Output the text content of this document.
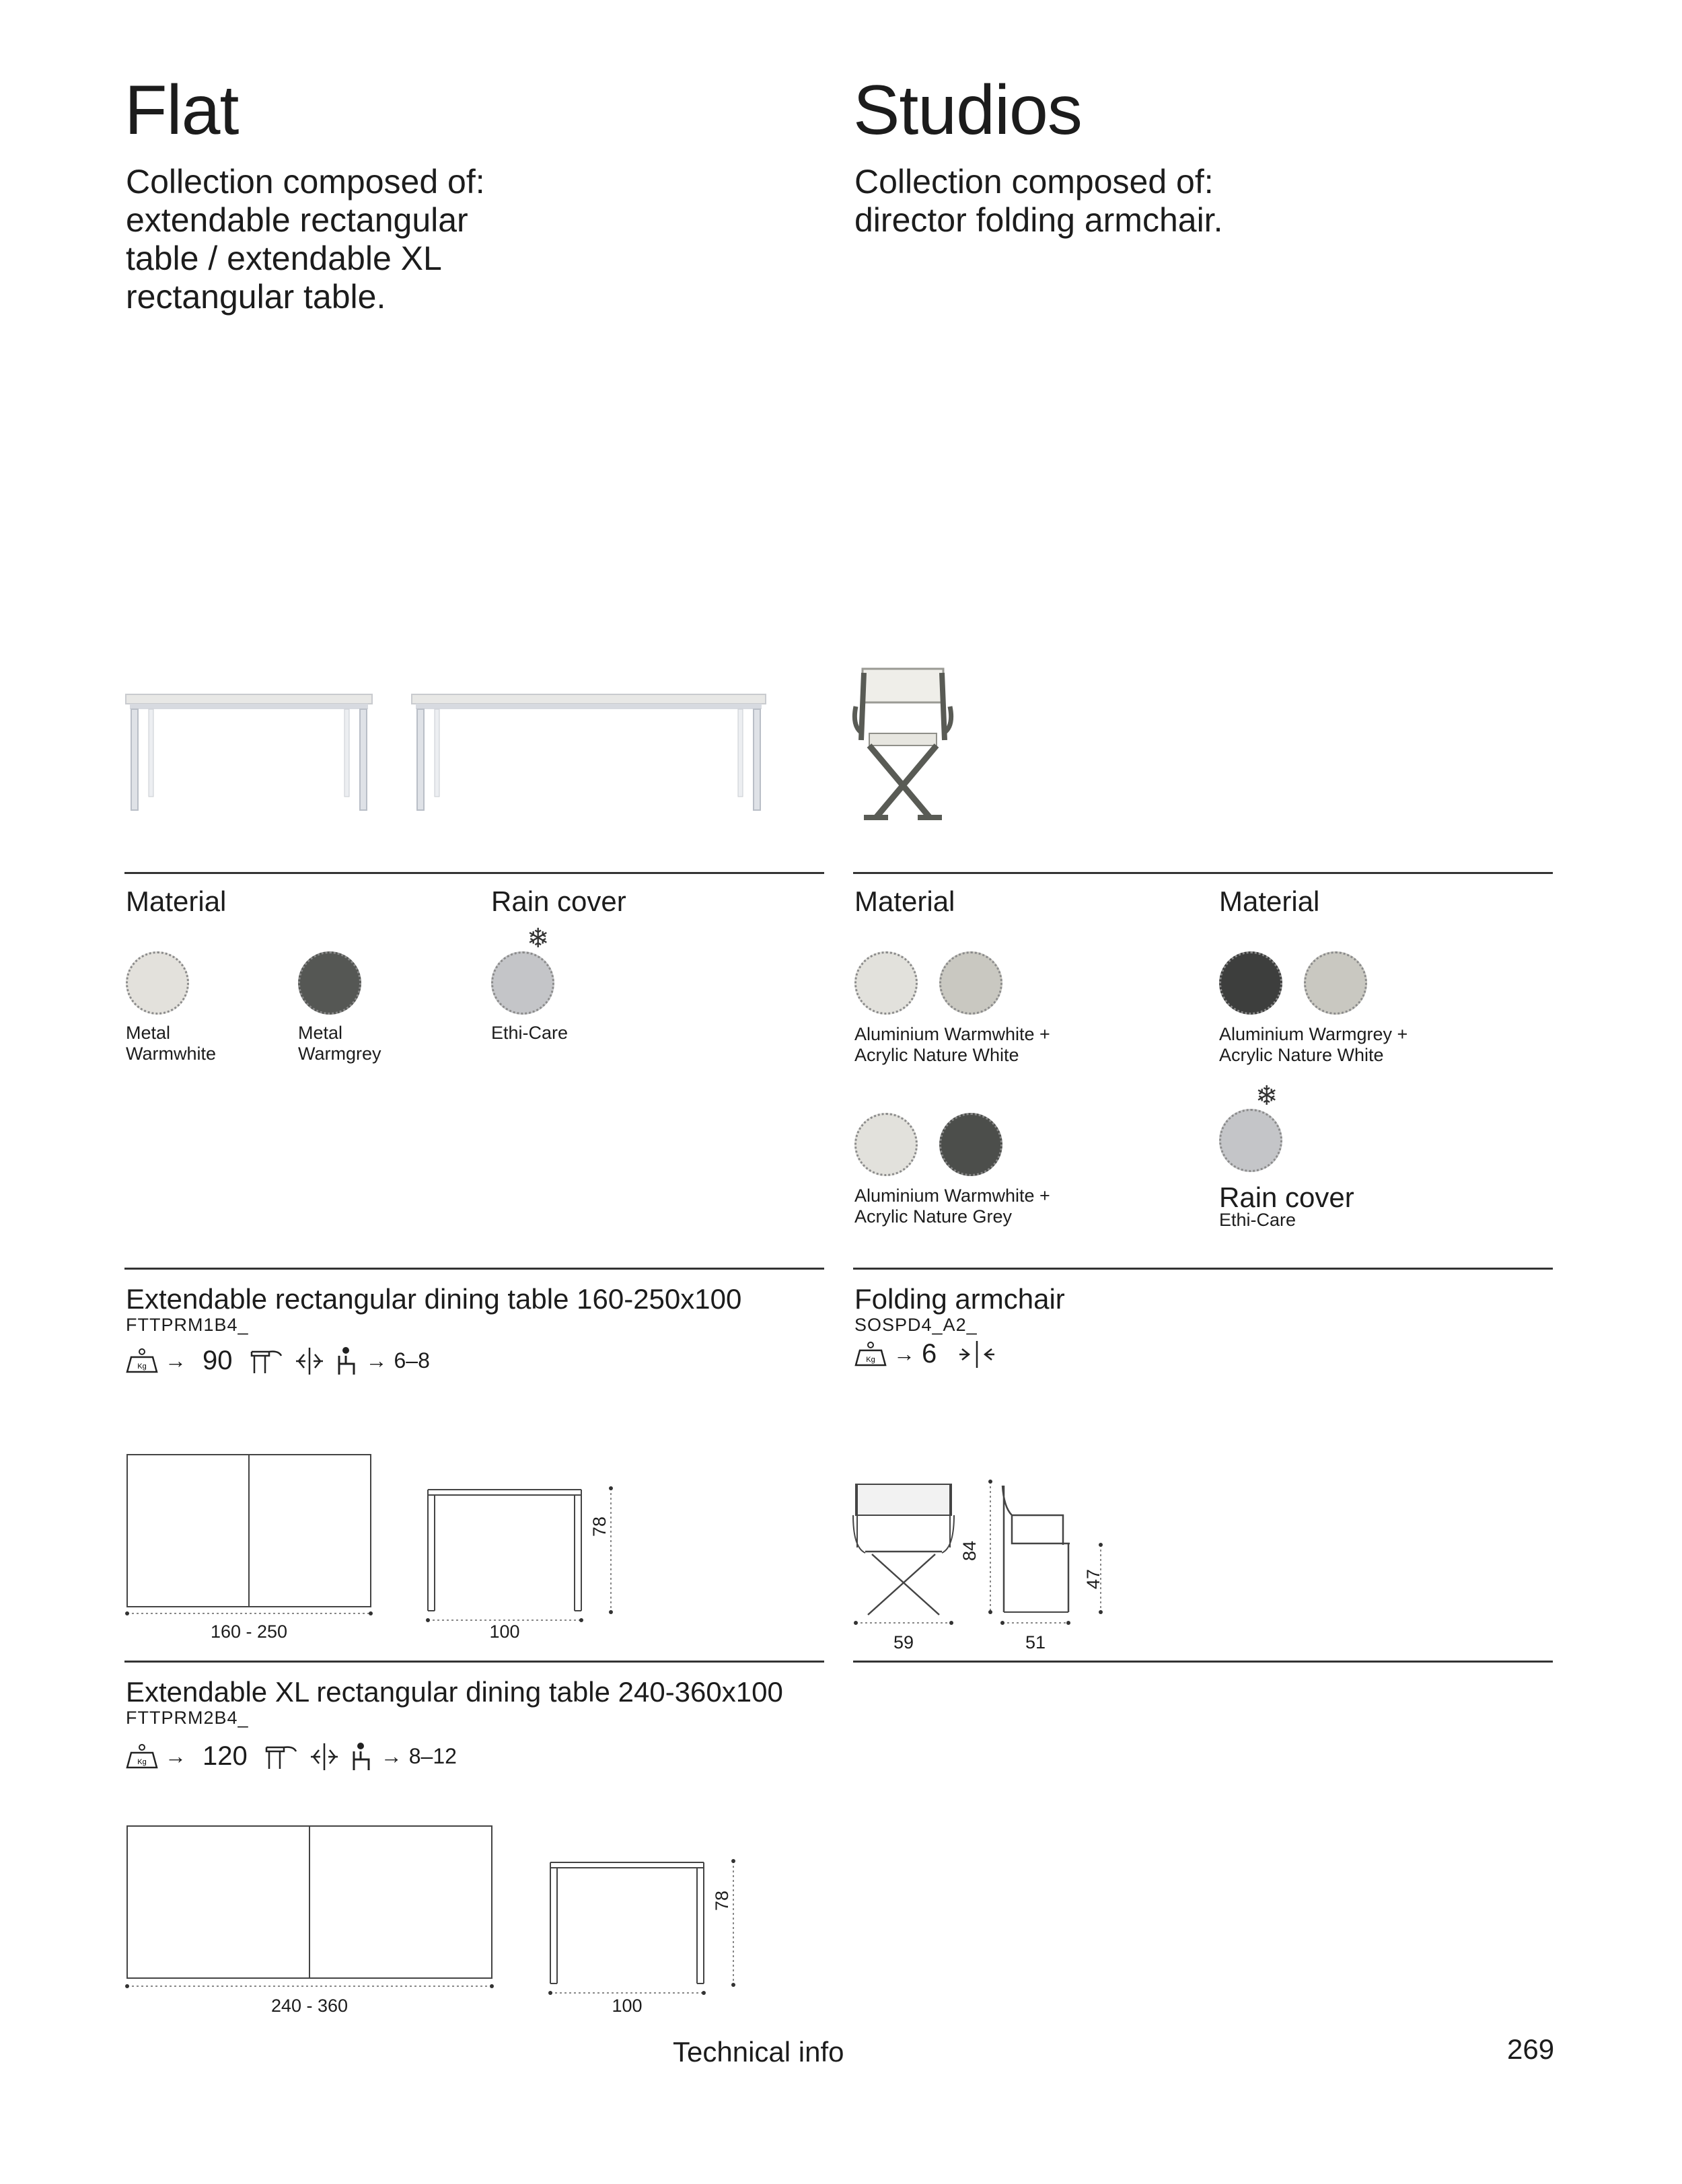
Flat
Collection composed of:
extendable rectangular
table / extendable XL
rectangular table.
Studios
Collection composed of:
director folding armchair.
Material	Rain cover
Metal
Warmwhite
Metal
Warmgrey
❄
Ethi-Care
Material	Material
Aluminium Warmwhite +
Acrylic Nature White
Aluminium Warmgrey +
Acrylic Nature White
Aluminium Warmwhite +
Acrylic Nature Grey
❄
Rain cover
Ethi-Care
Extendable rectangular dining table 160-250x100
FTTPRM1B4_
Kg → 90	→ 6–8
160 - 250	100
78
Extendable XL rectangular dining table 240-360x100
FTTPRM2B4_
Kg → 120	→ 8–12
240 - 360	100
78
Folding armchair
SOSPD4_A2_
Kg → 6
59	51
84
47
Technical info	269
